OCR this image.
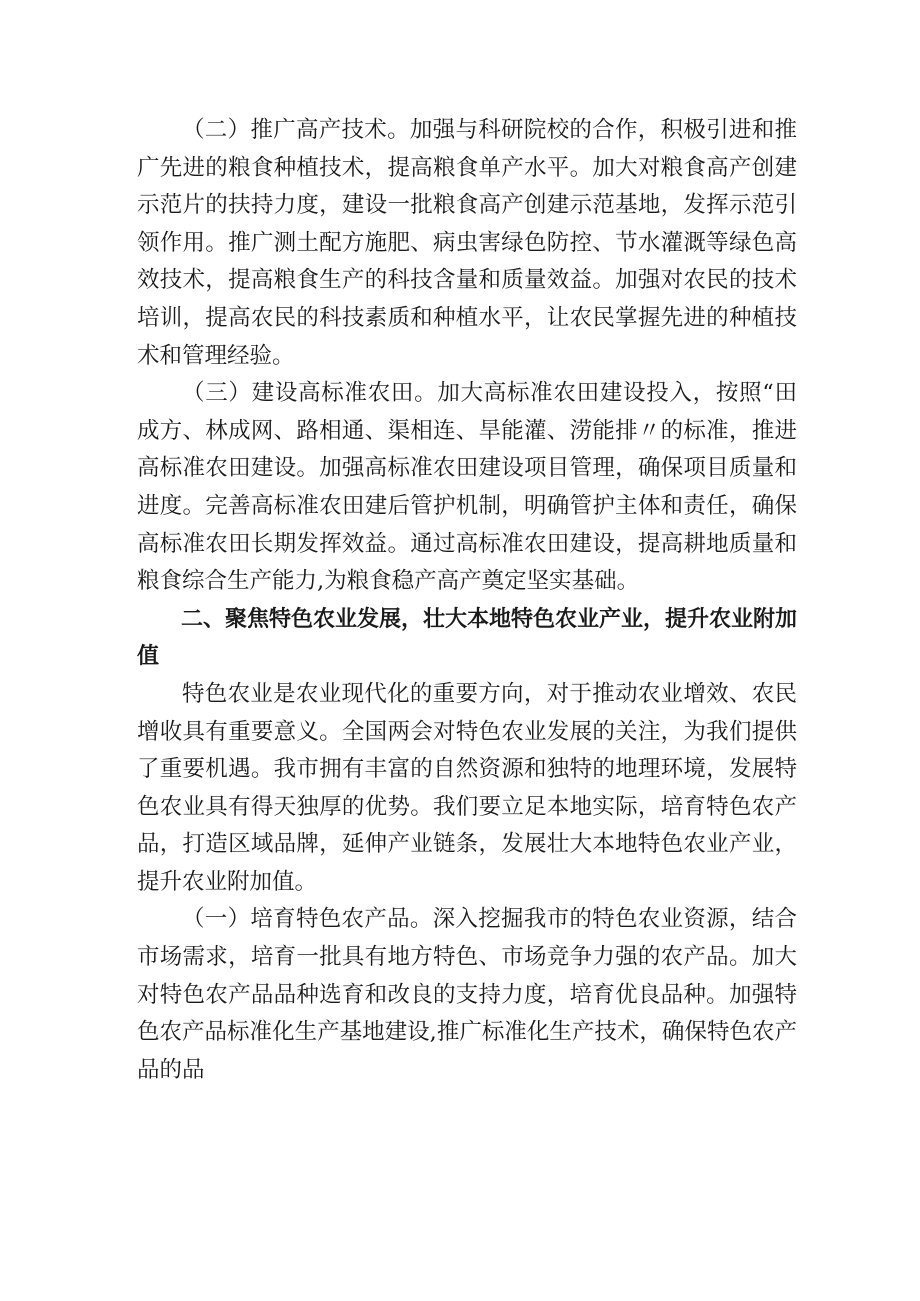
（二）推广高产技术。加强与科研院校的合作，积极引进和推广先进的粮食种植技术，提高粮食单产水平。加大对粮食高产创建示范片的扶持力度，建设一批粮食高产创建示范基地，发挥示范引领作用。推广测土配方施肥、病虫害绿色防控、节水灌溉等绿色高效技术，提高粮食生产的科技含量和质量效益。加强对农民的技术培训，提高农民的科技素质和种植水平，让农民掌握先进的种植技术和管理经验。

（三）建设高标准农田。加大高标准农田建设投入，按照“田成方、林成网、路相通、渠相连、旱能灌、涝能排〃的标准，推进高标准农田建设。加强高标准农田建设项目管理，确保项目质量和进度。完善高标准农田建后管护机制，明确管护主体和责任，确保高标准农田长期发挥效益。通过高标准农田建设，提高耕地质量和粮食综合生产能力,为粮食稳产高产奠定坚实基础。

二、聚焦特色农业发展，壮大本地特色农业产业，提升农业附加值

特色农业是农业现代化的重要方向，对于推动农业增效、农民增收具有重要意义。全国两会对特色农业发展的关注，为我们提供了重要机遇。我市拥有丰富的自然资源和独特的地理环境，发展特色农业具有得天独厚的优势。我们要立足本地实际，培育特色农产品，打造区域品牌，延伸产业链条，发展壮大本地特色农业产业，提升农业附加值。

（一）培育特色农产品。深入挖掘我市的特色农业资源，结合市场需求，培育一批具有地方特色、市场竞争力强的农产品。加大对特色农产品品种选育和改良的支持力度，培育优良品种。加强特色农产品标准化生产基地建设,推广标准化生产技术，确保特色农产品的品
